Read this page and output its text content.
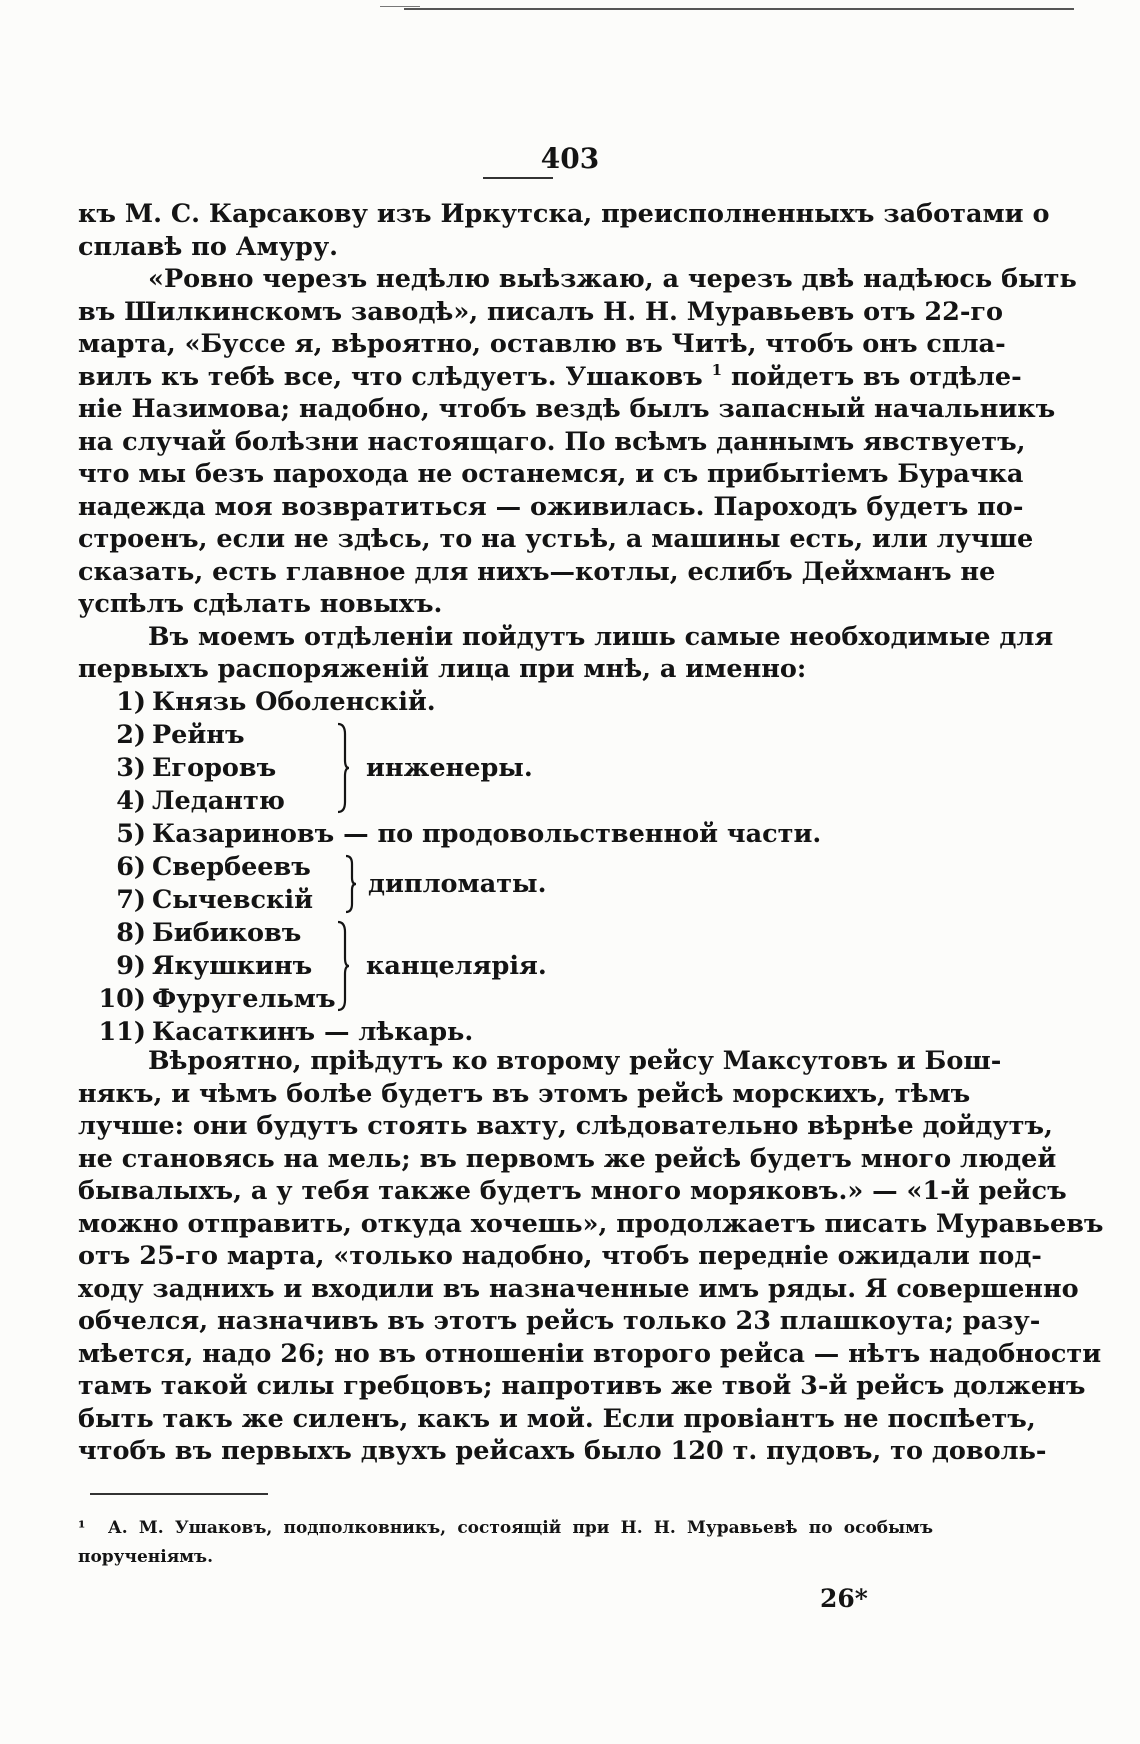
403
къ М. С. Карсакову изъ Иркутска, преисполненныхъ заботами о
сплавѣ по Амуру.
«Ровно черезъ недѣлю выѣзжаю, а черезъ двѣ надѣюсь быть
въ Шилкинскомъ заводѣ», писалъ Н. Н. Муравьевъ отъ 22-го
марта, «Буссе я, вѣроятно, оставлю въ Читѣ, чтобъ онъ спла-
вилъ къ тебѣ все, что слѣдуетъ. Ушаковъ $^1$ пойдетъ въ отдѣле-
ніе Назимова; надобно, чтобъ вездѣ былъ запасный начальникъ
на случай болѣзни настоящаго. По всѣмъ даннымъ явствуетъ,
что мы безъ парохода не останемся, и съ прибытіемъ Бурачка
надежда моя возвратиться — оживилась. Пароходъ будетъ по-
строенъ, если не здѣсь, то на устьѣ, а машины есть, или лучше
сказать, есть главное для нихъ—котлы, еслибъ Дейхманъ не
успѣлъ сдѣлать новыхъ.
Въ моемъ отдѣленіи пойдутъ лишь самые необходимые для
первыхъ распоряженій лица при мнѣ, а именно:
1) Князь Оболенскій.
2) Рейнъ
3) Егоровъ
4) Ледантю
5) Казариновъ — по продовольственной части.
6) Свербеевъ
7) Сычевскій
8) Бибиковъ
9) Якушкинъ
10) Фуругельмъ
11) Касаткинъ — лѣкарь.
инженеры.
дипломаты.
канцелярія.
Вѣроятно, пріѣдутъ ко второму рейсу Максутовъ и Бош-
някъ, и чѣмъ болѣе будетъ въ этомъ рейсѣ морскихъ, тѣмъ
лучше: они будутъ стоять вахту, слѣдовательно вѣрнѣе дойдутъ,
не становясь на мель; въ первомъ же рейсѣ будетъ много людей
бывалыхъ, а у тебя также будетъ много моряковъ.» — «1-й рейсъ
можно отправить, откуда хочешь», продолжаетъ писать Муравьевъ
отъ 25-го марта, «только надобно, чтобъ передніе ожидали под-
ходу заднихъ и входили въ назначенные имъ ряды. Я совершенно
обчелся, назначивъ въ этотъ рейсъ только 23 плашкоута; разу-
мѣется, надо 26; но въ отношеніи второго рейса — нѣтъ надобности
тамъ такой силы гребцовъ; напротивъ же твой 3-й рейсъ долженъ
быть такъ же силенъ, какъ и мой. Если провіантъ не поспѣетъ,
чтобъ въ первыхъ двухъ рейсахъ было 120 т. пудовъ, то доволь-
¹ А. М. Ушаковъ, подполковникъ, состоящій при Н. Н. Муравьевѣ по особымъ
порученіямъ.
26*
